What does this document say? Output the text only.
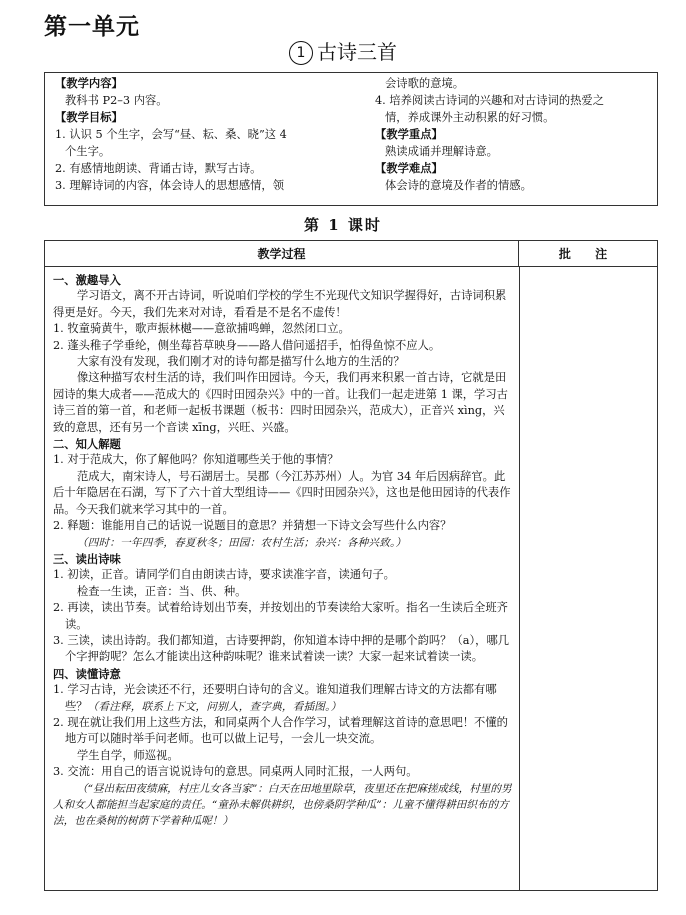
第一单元
1 古诗三首
【教学内容】
教科书 P2–3 内容。
【教学目标】
1. 认识 5 个生字，会写“昼、耘、桑、晓”这 4
个生字。
2. 有感情地朗读、背诵古诗，默写古诗。
3. 理解诗词的内容，体会诗人的思想感情，领
会诗歌的意境。
4. 培养阅读古诗词的兴趣和对古诗词的热爱之
情，养成课外主动积累的好习惯。
【教学重点】
熟读成诵并理解诗意。
【教学难点】
体会诗的意境及作者的情感。
第 1 课时
教学过程	批 注

一、激趣导入

学习语文，离不开古诗词，听说咱们学校的学生不光现代文知识学握得好，古诗词积累得更是好。今天，我们先来对对诗，看看是不是名不虚传！

1. 牧童骑黄牛，歌声振林樾——意欲捕鸣蝉，忽然闭口立。

2. 蓬头稚子学垂纶，侧坐莓苔草映身——路人借问遥招手，怕得鱼惊不应人。

大家有没有发现，我们刚才对的诗句都是描写什么地方的生活的？

像这种描写农村生活的诗，我们叫作田园诗。今天，我们再来积累一首古诗，它就是田园诗的集大成者——范成大的《四时田园杂兴》中的一首。让我们一起走进第 1 课，学习古诗三首的第一首，和老师一起板书课题（板书：四时田园杂兴，范成大），正音兴 xìng，兴致的意思，还有另一个音读 xīng，兴旺、兴盛。

二、知人解题

1. 对于范成大，你了解他吗？你知道哪些关于他的事情？

范成大，南宋诗人，号石湖居士。吴郡（今江苏苏州）人。为官 34 年后因病辞官。此后十年隐居在石湖，写下了六十首大型组诗——《四时田园杂兴》，这也是他田园诗的代表作品。今天我们就来学习其中的一首。

2. 释题：谁能用自己的话说一说题目的意思？并猜想一下诗文会写些什么内容？

（四时：一年四季，春夏秋冬；田园：农村生活；杂兴：各种兴致。）

三、读出诗味

1. 初读，正音。请同学们自由朗读古诗，要求读准字音，读通句子。

检查一生读，正音：当、供、种。

2. 再读，读出节奏。试着给诗划出节奏，并按划出的节奏读给大家听。指名一生读后全班齐读。

3. 三读，读出诗韵。我们都知道，古诗要押韵，你知道本诗中押的是哪个韵吗？（a），哪几个字押韵呢？怎么才能读出这种韵味呢？谁来试着读一读？大家一起来试着读一读。

四、读懂诗意

1. 学习古诗，光会读还不行，还要明白诗句的含义。谁知道我们理解古诗文的方法都有哪些？（看注释，联系上下文，问别人，查字典，看插图。）

2. 现在就让我们用上这些方法，和同桌两个人合作学习，试着理解这首诗的意思吧！不懂的地方可以随时举手问老师。也可以做上记号，一会儿一块交流。

学生自学，师巡视。

3. 交流：用自己的语言说说诗句的意思。同桌两人同时汇报，一人两句。

（“昼出耘田夜绩麻，村庄儿女各当家”：白天在田地里除草，夜里还在把麻搓成线，村里的男人和女人都能担当起家庭的责任。“童孙未解供耕织，也傍桑阴学种瓜”：儿童不懂得耕田织布的方法，也在桑树的树荫下学着种瓜呢！）
